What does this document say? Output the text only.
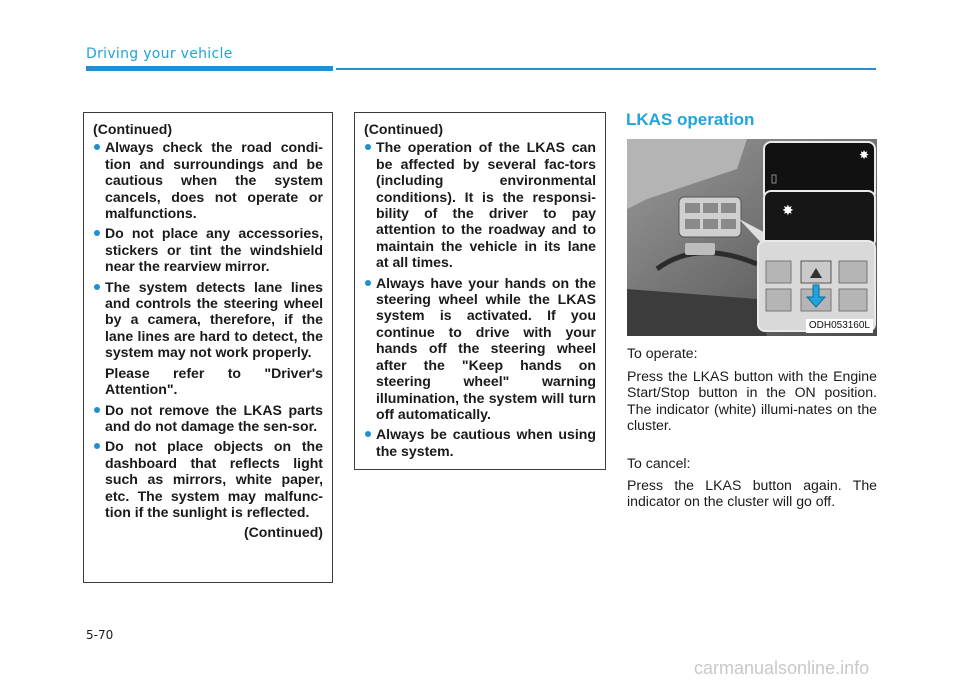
Driving your vehicle
(Continued)
Always check the road condi-tion and surroundings and be cautious when the system cancels, does not operate or malfunctions.
Do not place any accessories, stickers or tint the windshield near the rearview mirror.
The system detects lane lines and controls the steering wheel by a camera, therefore, if the lane lines are hard to detect, the system may not work properly.

Please refer to "Driver's Attention".

Do not remove the LKAS parts and do not damage the sen-sor.
Do not place objects on the dashboard that reflects light such as mirrors, white paper, etc. The system may malfunc-tion if the sunlight is reflected.
(Continued)
(Continued)
The operation of the LKAS can be affected by several fac-tors (including environmental conditions). It is the responsi-bility of the driver to pay attention to the roadway and to maintain the vehicle in its lane at all times.
Always have your hands on the steering wheel while the LKAS system is activated. If you continue to drive with your hands off the steering wheel after the "Keep hands on steering wheel" warning illumination, the system will turn off automatically.
Always be cautious when using the system.
LKAS operation
✸
✸
ODH053160L

To operate:

Press the LKAS button with the Engine Start/Stop button in the ON position. The indicator (white) illumi-nates on the cluster.

To cancel:

Press the LKAS button again. The indicator on the cluster will go off.

5-70
carmanualsonline.info
